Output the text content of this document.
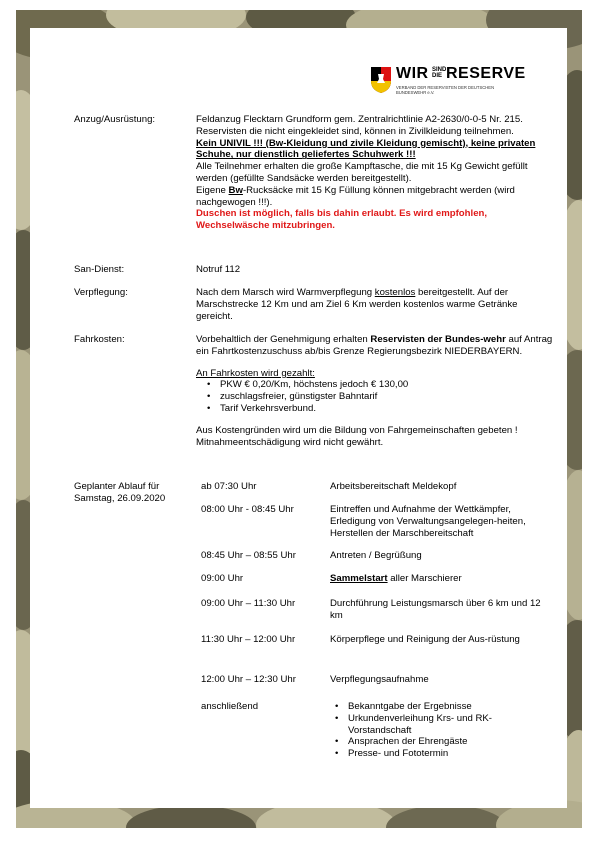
WIR SIND DIE RESERVE
VERBAND DER RESERVISTEN DER DEUTSCHEN BUNDESWEHR e.V.
Anzug/Ausrüstung:	Feldanzug Flecktarn Grundform gem. Zentralrichtlinie A2-2630/0-0-5 Nr. 215. Reservisten die nicht eingekleidet sind, können in Zivilkleidung teilnehmen.

Kein UNIVIL !!! (Bw-Kleidung und zivile Kleidung gemischt), keine privaten Schuhe, nur dienstlich geliefertes Schuhwerk !!!

Alle Teilnehmer erhalten die große Kampftasche, die mit 15 Kg Gewicht gefüllt werden (gefüllte Sandsäcke werden bereitgestellt).

Eigene Bw-Rucksäcke mit 15 Kg Füllung können mitgebracht werden (wird nachgewogen !!!).

Duschen ist möglich, falls bis dahin erlaubt. Es wird empfohlen, Wechselwäsche mitzubringen.

San-Dienst:	Notruf 112
Verpflegung:	Nach dem Marsch wird Warmverpflegung kostenlos bereitgestellt. Auf der Marschstrecke 12 Km und am Ziel 6 Km werden kostenlos warme Getränke gereicht.

Fahrkosten:	Vorbehaltlich der Genehmigung erhalten Reservisten der Bundes-wehr auf Antrag ein Fahrtkostenzuschuss ab/bis Grenze Regierungsbezirk NIEDERBAYERN.

An Fahrkosten wird gezahlt:

• PKW € 0,20/Km, höchstens jedoch € 130,00
• zuschlagsfreier, günstigster Bahntarif
• Tarif Verkehrsverbund.

Aus Kostengründen wird um die Bildung von Fahrgemeinschaften gebeten ! Mitnahmeentschädigung wird nicht gewährt.

Geplanter Ablauf für
Samstag, 26.09.2020
ab 07:30 Uhr	Arbeitsbereitschaft Meldekopf

08:00 Uhr - 08:45 Uhr	Eintreffen und Aufnahme der Wettkämpfer, Erledigung von Verwaltungsangelegen-heiten, Herstellen der Marschbereitschaft

08:45 Uhr – 08:55 Uhr	Antreten / Begrüßung

09:00 Uhr	Sammelstart aller Marschierer

09:00 Uhr – 11:30 Uhr	Durchführung Leistungsmarsch über 6 km und 12 km

11:30 Uhr – 12:00 Uhr	Körperpflege und Reinigung der Aus-rüstung

12:00 Uhr – 12:30 Uhr	Verpflegungsaufnahme

anschließend
•	Bekanntgabe der Ergebnisse
• Urkundenverleihung Krs- und RK-Vorstandschaft
• Ansprachen der Ehrengäste
• Presse- und Fototermin
